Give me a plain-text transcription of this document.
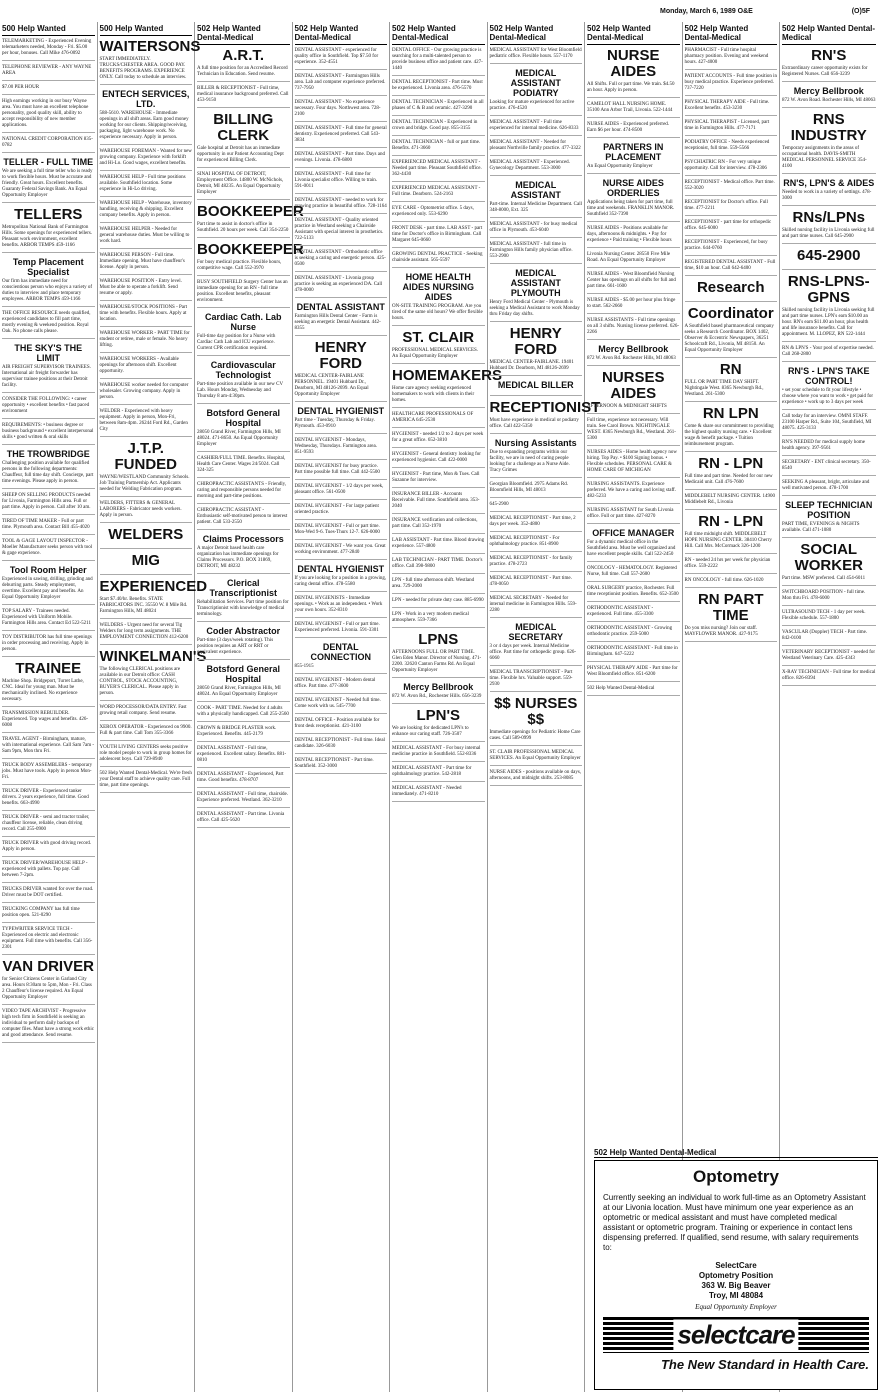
Monday, March 6, 1989 O&E	(O)5F
500 Help Wanted
TELEMARKETING - Experienced Evening telemarketers needed, Monday - Fri. $5.00 per hour, bonuses. Call Mike 476-0092
TELEPHONE REVIEWER - ANY WAYNE AREA
$7.00 PER HOUR
High earnings working in our busy Wayne area. You must have an excellent telephone personality, good quality skill, ability to accept responsibility of new member applications.
NATIONAL CREDIT CORPORATION 835-0782
TELLER - FULL TIME
We are seeking a full time teller who is ready to work flexible hours. Must be accurate and friendly. Great hours. Excellent benefits. Guaranty Federal Savings Bank. An Equal Opportunity Employer
TELLERS
Metropolitan National Bank of Farmington Hills. Some openings for experienced tellers. Pleasant work environment, excellent benefits. ARBOR TEMPS 459-1166
Temp Placement Specialist
Our firm has immediate need for conscientious person who enjoys a variety of duties to interview and place temporary employees. ARBOR TEMPS 459-1166
THE OFFICE RESOURCE needs qualified, experienced candidates to fill part time, mostly evening & weekend position. Royal Oak. No phone calls please.
THE SKY'S THE LIMIT
AIR FREIGHT SUPERVISOR TRAINEES. International air freight forwarder has supervisor trainee positions at their Detroit facility.
CONSIDER THE FOLLOWING: • career opportunity • excellent benefits • fast paced environment
REQUIREMENTS: • business degree or business background • excellent interpersonal skills • good written & oral skills
THE TROWBRIDGE
Challenging position available for qualified persons in the following departments: Chauffeur, full time day shift. Concierge, part time evenings. Please apply in person.
SHEEP ON SELLING PRODUCTS needed for Livonia, Farmington Hills area. Full or part time. Apply in person. Call after 10 am.
TIRED OF TIME MAKER - Full or part time. Plymouth area. Contact Bill 455-4020
TOOL & GAGE LAYOUT INSPECTOR - Moeller Manufacturer seeks person with tool & gage experience.
Tool Room Helper
Experienced in sawing, drilling, grinding and deburring parts. Steady employment, overtime. Excellent pay and benefits. An Equal Opportunity Employer
TOP SALARY - Trainees needed. Experienced with Uniform Mobile. Farmington Hills area. Contact Ed 522-5211
TOY DISTRIBUTOR has full time openings in order processing and receiving. Apply in person.
TRAINEE
Machine Shop. Bridgeport, Turret Lathe, CNC. Ideal for young man. Must be mechanically inclined. No experience necessary.
TRANSMISSION REBUILDER. Experienced. Top wages and benefits. 426-6008
TRAVEL AGENT - Birmingham, mature, with international experience. Call Sam 7am - Sam 9pm, Mon thru Fri.
TRUCK BODY ASSEMBLERS - temporary jobs. Must have tools. Apply in person Mon-Fri.
TRUCK DRIVER - Experienced tanker drivers. 2 years experience, full time. Good benefits. 663-4990
TRUCK DRIVER - semi and tractor trailer, chauffeur license, reliable, clean driving record. Call 255-0900
TRUCK DRIVER with good driving record. Apply in person.
TRUCK DRIVER/WAREHOUSE HELP - experienced with pallets. Top pay. Call between 7-2pm.
TRUCKS DRIVER wanted for over the road. Driver must be DOT certified.
TRUCKING COMPANY has full time position open. 521-0290
TYPEWRITER SERVICE TECH - Experienced on electric and electronic equipment. Full time with benefits. Call 356-2301
VAN DRIVER
for Senior Citizens Center in Garland City area. Hours 8:30am to 5pm, Mon - Fri. Class 2 Chauffeur's license required. An Equal Opportunity Employer
VIDEO TAPE ARCHIVIST - Progressive high tech firm in Southfield is seeking an individual to perform daily backups of computer files. Must have a strong work ethic and good attendance. Send resume.
500 Help Wanted
WAITERSONS
START IMMEDIATELY. TRUCKS/CHESTER AREA. GOOD PAY. BENEFITS PROGRAMS. EXPERIENCE ONLY. Call today to schedule an interview.
ENTECH SERVICES, LTD.
588-5610. WAREHOUSE - Immediate openings in all shift areas. Earn good money working for our clients. Shipping/receiving, packaging, light warehouse work. No experience necessary. Apply in person.
WAREHOUSE FOREMAN - Wanted for new growing company. Experience with forklift and Hi-Lo. Good wages, excellent benefits.
WAREHOUSE HELP - Full time positions available. Southfield location. Some experience in Hi-Lo driving.
WAREHOUSE HELP - Warehouse, inventory handling, receiving & shipping. Excellent company benefits. Apply in person.
WAREHOUSE HELPER - Needed for general warehouse duties. Must be willing to work hard.
WAREHOUSE PERSON - Full time. Immediate opening. Must have chauffeur's license. Apply in person.
WAREHOUSE POSITION - Entry level. Must be able to operate a forklift. Send resume or apply.
WAREHOUSE/STOCK POSITIONS - Part time with benefits. Flexible hours. Apply at location.
WAREHOUSE WORKER - PART TIME for student or retiree, male or female. No heavy lifting.
WAREHOUSE WORKERS - Available openings for afternoon shift. Excellent opportunity.
WAREHOUSE worker needed for computer wholesaler. Growing company. Apply in person.
WELDER - Experienced with heavy equipment. Apply in person, Mon-Fri, between 8am-4pm. 26244 Ford Rd., Garden City
J.T.P. FUNDED
WAYNE/WESTLAND Community Schools. Job Training Partnership Act. Applicants needed for Welding Fabrication program.
WELDERS, FITTERS & GENERAL LABORERS - Fabricator needs workers. Apply in person.
WELDERS
MIG
EXPERIENCED
Start $7.40/hr. Benefits. STATE FABRICATORS INC. 35550 W. 8 Mile Rd. Farmington Hills, MI 48024
WELDERS - Urgent need for several Tig Welders for long term assignments. THE EMPLOYMENT CONNECTION 412-6200
WINKELMAN'S
The following CLERICAL positions are available in our Detroit office: CASH CONTROL, STOCK ACCOUNTING, BUYER'S CLERICAL. Please apply in person.
WORD PROCESSOR/DATA ENTRY. Fast growing retail company. Send resume.
XEROX OPERATOR - Experienced on 9900. Full & part time. Call Tom 355-3366
YOUTH LIVING CENTERS seeks positive role model people to work in group homes for adolescent boys. Call 729-8940
502 Help Wanted Dental-Medical. We're fresh your Dental staff to achieve quality care. Full time, part time openings.
502 Help Wanted Dental-Medical
A.R.T.
A full time position for an Accredited Record Technician in Education. Send resume.
BILLER & RECEPTIONIST - Full time, medical insurance background preferred. Call 453-9150
BILLING CLERK
Gale hospital at Detroit has an immediate opportunity in our Patient Accounting Dept for experienced Billing Clerk.
SINAI HOSPITAL OF DETROIT, Employment Office. 14800 W. McNichols, Detroit, MI 48235. An Equal Opportunity Employer
BOOKKEEPER
Part time to assist in doctor's office in Southfield. 20 hours per week. Call 354-2250
BOOKKEEPER
For busy medical practice. Flexible hours, competitive wage. Call 552-3970
BUSY SOUTHFIELD Surgery Center has an immediate opening for an RN - full time position. Excellent benefits, pleasant environment.
Cardiac Cath. Lab Nurse
Full-time day position for a Nurse with Cardiac Cath Lab and ICU experience. Current CPR certification required.
Cardiovascular Technologist
Part-time position available in our new CV Lab. Hours Monday, Wednesday and Thursday 8 am-4:30pm.
Botsford General Hospital
28050 Grand River, Farmington Hills, MI 48024. 471-8650. An Equal Opportunity Employer
CASHIER/FULL TIME. Benefits. Hospital, Health Care Center. Wages 24/5024. Call 324-325
CHIROPRACTIC ASSISTANTS - Friendly, caring and responsible persons needed for morning and part-time positions.
CHIROPRACTIC ASSISTANT - Enthusiastic self-motivated person to interest patient. Call 533-2550
Claims Processors
A major Detroit based health care organization has immediate openings for Claims Processors. P.O. BOX 31869, DETROIT, MI 48232
Clerical Transcriptionist
Rehabilitation Services. Part time position for Transcriptionist with knowledge of medical terminology.
Coder Abstractor
Part-time (3 days/week rotating). This position requires an ART or RRT or equivalent experience.
Botsford General Hospital
28050 Grand River, Farmington Hills, MI 48024. An Equal Opportunity Employer
COOK - PART TIME. Needed for 4 adults with a physically handicapped. Call 255-2560
CROWN & BRIDGE PLASTER work. Experienced. Benefits. 445-2179
DENTAL ASSISTANT - Full time, experienced. Excellent salary. Benefits. 881-0810
DENTAL ASSISTANT - Experienced, Part time. Good benefits. 478-8707
DENTAL ASSISTANT - Full time, chairside. Experience preferred. Westland. 362-3210
DENTAL ASSISTANT - Part time. Livonia office. Call 425-5620
502 Help Wanted Dental-Medical
DENTAL ASSISTANT - experienced for quality office in Southfield. Top $7.50 for experience. 352-4551
DENTAL ASSISTANT - Farmington Hills area. Lab and computer experience preferred. 737-7950
DENTAL ASSISTANT - No experience necessary. Four days. Northwest area. 728-2100
DENTAL ASSISTANT - Full time for general dentistry. Experienced preferred. Call 543-3834
DENTAL ASSISTANT - Part time. Days and evenings. Livonia. 478-6800
DENTAL ASSISTANT - Full time for Livonia specialist office. Willing to train. 591-0011
DENTAL ASSISTANT - needed to work for growing practice in beautiful office. 728-1164
DENTAL ASSISTANT - Quality oriented practice in Westland seeking a Chairside Assistant with special interest in prosthetics. 722-5133
DENTAL ASSISTANT - Orthodontic office is seeking a caring and energetic person. 425-0500
DENTAL ASSISTANT - Livonia group practice is seeking an experienced DA. Call 478-0000
DENTAL ASSISTANT
Farmington Hills Dental Center - Farm is seeking an energetic Dental Assistant. 442-8355
HENRY FORD
MEDICAL CENTER-FAIRLANE PERSONNEL. 19401 Hubbard Dr., Dearborn, MI 48126-2699. An Equal Opportunity Employer
DENTAL HYGIENIST
Part time - Tuesday, Thursday & Friday. Plymouth. 453-0910
DENTAL HYGIENIST - Mondays, Wednesday, Thursdays. Farmington area. 851-9593
DENTAL HYGIENIST for busy practice. Part time possible full time. Call 442-5500
DENTAL HYGIENIST - 1/2 days per week, pleasant office. 561-0500
DENTAL HYGIENIST - For large patient oriented practice.
DENTAL HYGIENIST - Full or part time. Mon-Wed 9-6. Tues-Thurs 12-7. 626-0000
DENTAL HYGIENIST - We want you. Great working environment. 477-2840
DENTAL HYGIENIST
If you are looking for a position in a growing, caring dental office. 478-5580
DENTAL HYGIENISTS - Immediate openings. • Work as an independent. • Work your own hours. 352-8310
DENTAL HYGIENIST - Full or part time. Experienced preferred. Livonia. 591-3301
DENTAL CONNECTION
855-1915
DENTAL HYGIENIST - Modern dental office. Part time. 477-3600
DENTAL HYGIENIST - Needed full time. Come work with us. 545-7700
DENTAL OFFICE - Position available for front desk receptionist. 421-3100
DENTAL RECEPTIONIST - Full time. Ideal candidate. 326-6030
DENTAL RECEPTIONIST - Part time. Southfield. 352-3000
502 Help Wanted Dental-Medical
DENTAL OFFICE - Our growing practice is searching for a multi-talented person to provide business office and patient care. 427-1440
DENTAL RECEPTIONIST - Part time. Must be experienced. Livonia area. 476-5570
DENTAL TECHNICIAN - Experienced in all phases of C & B and ceramic. 427-3290
DENTAL TECHNICIAN - Experienced in crown and bridge. Good pay. 855-3155
DENTAL TECHNICIAN - full or part time. Benefits. 471-3660
EXPERIENCED MEDICAL ASSISTANT - Needed part time. Pleasant Southfield office. 362-4430
EXPERIENCED MEDICAL ASSISTANT - Full time. Dearborn. 524-2163
EYE CARE - Optometrist office. 5 days, experienced only. 553-6290
FRONT DESK - part time. LAB ASST - part time for Doctor's office in Birmingham. Call Margaret 645-0660
GROWING DENTAL PRACTICE - Seeking chairside assistant. 565-5597
HOME HEALTH AIDES NURSING AIDES
ON-SITE TRAINING PROGRAM. Are you tired of the same old hours? We offer flexible hours.
ST. CLAIR
PROFESSIONAL MEDICAL SERVICES. An Equal Opportunity Employer
HOMEMAKERS
Home care agency seeking experienced homemakers to work with clients in their homes.
HEALTHCARE PROFESSIONALS OF AMERICA 645-2530
HYGIENIST - needed 1/2 to 2 days per week for a great office. 652-3810
HYGIENIST - General dentistry looking for experienced hygienist. Call 422-0000
HYGIENIST - Part time, Mon & Tues. Call Suzanne for interview.
INSURANCE BILLER - Accounts Receivable. Full time. Southfield area. 353-2040
INSURANCE verification and collections, part time. Call 352-1970
LAB ASSISTANT - Part time. Blood drawing experience. 557-4800
LAB TECHNICIAN - PART TIME. Doctor's office. Call 398-9800
LPN - full time afternoon shift. Westland area. 729-2000
LPN - needed for private duty case. 885-6990
LPN - Work in a very modern medical atmosphere. 559-7366
LPNS
AFTERNOONS FULL OR PART TIME. Glen Eden Manor. Director of Nursing. 471-2200. 32620 Canton Farms Rd. An Equal Opportunity Employer
Mercy Bellbrook
872 W. Avon Rd., Rochester Hills. 656-3239
LPN'S
We are looking for dedicated LPN's to enhance our caring staff. 726-3507
MEDICAL ASSISTANT - For busy internal medicine practice in Southfield. 552-8336
MEDICAL ASSISTANT - Part time for ophthalmology practice. 542-2818
MEDICAL ASSISTANT - Needed immediately. 471-8210
502 Help Wanted Dental-Medical
MEDICAL ASSISTANT for West Bloomfield pediatric office. Flexible hours. 557-1170
MEDICAL ASSISTANT PODIATRY
Looking for mature experienced for active practice. 476-4520
MEDICAL ASSISTANT - Full time experienced for internal medicine. 626-8333
MEDICAL ASSISTANT - Needed for pleasant Northville family practice. 477-3322
MEDICAL ASSISTANT - Experienced. Gynecology Department. 553-3000
MEDICAL ASSISTANT
Part-time. Internal Medicine Department. Call 348-8000, Ext. 325
MEDICAL ASSISTANT - for busy medical office in Plymouth. 453-6040
MEDICAL ASSISTANT - full time in Farmington Hills family physician office. 553-2900
MEDICAL ASSISTANT PLYMOUTH
Henry Ford Medical Center - Plymouth is seeking a Medical Assistant to work Monday thru Friday day shifts.
HENRY FORD
MEDICAL CENTER-FAIRLANE. 19401 Hubbard Dr. Dearborn, MI 48126-2699
MEDICAL BILLER
RECEPTIONIST
Must have experience in medical or podiatry office. Call 422-5350
Nursing Assistants
Due to expanding programs within our facility, we are in need of caring people looking for a challenge as a Nurse Aide. Tracy Grimes
Georgian Bloomfield. 2975 Adams Rd. Bloomfield Hills, MI 48013
645-2900
MEDICAL RECEPTIONIST - Part time, 2 days per week. 352-4800
MEDICAL RECEPTIONIST - For ophthalmology practice. 851-8900
MEDICAL RECEPTIONIST - for family practice. 478-2723
MEDICAL RECEPTIONIST - Part time. 478-0050
MEDICAL SECRETARY - Needed for internal medicine in Farmington Hills. 559-2280
MEDICAL SECRETARY
3 or 4 days per week. Internal Medicine office. Part time for orthopedic group. 626-6060
MEDICAL TRANSCRIPTIONIST - Part time. Flexible hrs. Valuable support. 559-2930
$$ NURSES $$
Immediate openings for Pediatric Home Care cases. Call 589-0999
ST. CLAIR PROFESSIONAL MEDICAL SERVICES. An Equal Opportunity Employer
NURSE AIDES - positions available on days, afternoons, and midnight shifts. 253-8085
502 Help Wanted Dental-Medical
NURSE AIDES
All Shifts. Full or part time. We train. $4.50 an hour. Apply in person.
CAMELOT HALL NURSING HOME. 35100 Ann Arbor Trail, Livonia. 522-1444
NURSE AIDES - Experienced preferred. Earn $6 per hour. 474-8500
PARTNERS IN PLACEMENT
An Equal Opportunity Employer
NURSE AIDES ORDERLIES
Applications being taken for part time, full time and weekends. FRANKLIN MANOR. Southfield 352-7390
NURSE AIDES - Positions available for days, afternoons & midnights. • Pay for experience • Paid training • Flexible hours
Livonia Nursing Center. 28550 Five Mile Road. An Equal Opportunity Employer
NURSE AIDES - West Bloomfield Nursing Center has openings on all shifts for full and part time. 661-1600
NURSE AIDES - $5.00 per hour plus fringe to start. 562-2660
NURSE ASSISTANTS - Full time openings on all 3 shifts. Nursing license preferred. 626-2266
Mercy Bellbrook
872 W. Avon Rd. Rochester Hills, MI 48063
NURSES AIDES
AFTERNOON & MIDNIGHT SHIFTS
Full time, experience not necessary. Will train. See Carol Brown. NIGHTINGALE WEST. 8365 Newburgh Rd., Westland. 261-5300
NURSES AIDES - Home health agency now hiring. Top Pay. • $100 Signing bonus. • Flexible schedules. PERSONAL CARE & HOME CARE OF MICHIGAN
NURSING ASSISTANTS. Experience preferred. We have a caring and loving staff. 482-5233
NURSING ASSISTANT for South Livonia office. Full or part time. 427-8270
OFFICE MANAGER
For a dynamic medical office in the Southfield area. Must be well organized and have excellent people skills. Call 522-2450
ONCOLOGY - HEMATOLOGY. Registered Nurse, full time. Call 557-2600
ORAL SURGERY practice, Rochester. Full time receptionist position. Benefits. 652-3500
ORTHODONTIC ASSISTANT - experienced. Full time. 455-3300
ORTHODONTIC ASSISTANT - Growing orthodontic practice. 259-5000
ORTHODONTIC ASSISTANT - Full time in Birmingham. 647-5222
PHYSICAL THERAPY AIDE - Part time for West Bloomfield office. 851-6200
502 Help Wanted Dental-Medical
502 Help Wanted Dental-Medical
PHARMACIST - Full time hospital pharmacy position. Evening and weekend hours. 427-4000
PATIENT ACCOUNTS - Full time position in busy medical practice. Experience preferred. 737-7220
PHYSICAL THERAPY AIDE - Full time. Excellent benefits. 453-3230
PHYSICAL THERAPIST - Licensed, part time in Farmington Hills. 477-7171
PODIATRY OFFICE - Needs experienced receptionist, full time. 559-5566
PSYCHIATRIC RN - For very unique opportunity. Call for interview. 478-2306
RECEPTIONIST - Medical office. Part time. 552-3020
RECEPTIONIST for Doctor's office. Full time. 477-2211
RECEPTIONIST - part time for orthopedic office. 645-6000
RECEPTIONIST - Experienced, for busy practice. 644-0760
REGISTERED DENTAL ASSISTANT - Full time, $10 an hour. Call 642-6400
Research
Coordinator
A Southfield based pharmaceutical company seeks a Research Coordinator. BOX 1402, Observer & Eccentric Newspapers, 36251 Schoolcraft Rd., Livonia, MI 48150. An Equal Opportunity Employer
RN
FULL OR PART TIME DAY SHIFT. Nightingale West. 8365 Newburgh Rd., Westland. 261-5300
RN LPN
Come & share our commitment to providing the highest quality nursing care. • Excellent wage & benefit package. • Tuition reimbursement program.
RN - LPN
Full time and part time. Needed for our new Medicaid unit. Call 476-7600
MIDDLEBELT NURSING CENTER. 14900 Middlebelt Rd., Livonia
RN - LPN
Full time midnight shift. MIDDLEBELT HOPE NURSING CENTER. 38410 Cherry Hill. Call Mrs. McCormack 326-1200
RN - needed 24 hrs per week for physician office. 559-2222
RN ONCOLOGY - full time. 626-1020
RN PART TIME
Do you miss nursing? Join our staff. MAYFLOWER MANOR. 427-9175
502 Help Wanted Dental-Medical
RN'S
Extraordinary career opportunity exists for Registered Nurses. Call 656-3239
Mercy Bellbrook
872 W. Avon Road. Rochester Hills, MI 48063
RNS INDUSTRY
Temporary assignments in the areas of occupational health. DAVIS-SMITH MEDICAL PERSONNEL SERVICE 354-4100
RN'S, LPN'S & AIDES
Needed to work in a variety of settings. 478-3000
RNs/LPNs
Skilled nursing facility in Livonia seeking full and part time nurses. Call 645-2900
645-2900
RNS-LPNS-GPNS
Skilled nursing facility in Livonia seeking full and part time nurses. LPN's earn $10.00 an hour. RN's earn $11.00 an hour, plus health and life insurance benefits. Call for appointment. M. LLOPEZ, RN 522-1444
RN & LPN'S - Your pool of expertise needed. Call 268-2800
RN'S - LPN'S TAKE CONTROL!
• set your schedule to fit your lifestyle • choose where you want to work • get paid for experience • work up to 3 days per week
Call today for an interview. OMNI STAFF. 23100 Harper Rd., Suite 104, Southfield, MI 48075. 425-3133
RN'S NEEDED for medical supply home health agency. 397-9561
SECRETARY - ENT clinical secretary. 350-8540
SEEKING A pleasant, bright, articulate and well motivated person. 478-1700
SLEEP TECHNICIAN POSITION
PART TIME, EVENINGS & NIGHTS available. Call 471-1080
SOCIAL WORKER
Part time. MSW preferred. Call 454-6011
SWITCHBOARD POSITION - full time. Mon thru Fri. 478-6000
ULTRASOUND TECH - 1 day per week. Flexible schedule. 557-1800
VASCULAR (Doppler) TECH - Part time. 842-0100
VETERINARY RECEPTIONIST - needed for Westland Veterinary Care. 425-4343
X-RAY TECHNICIAN - Full time for medical office. 826-8394
502 Help Wanted Dental-Medical
Optometry
Currently seeking an individual to work full-time as an Optometry Assistant at our Livonia location. Must have minimum one year experience as an optometric or medical assistant and must have completed medical assistant or optometric program. Training or experience in contact lens dispensing preferred. If qualified, send resume, with salary requirements to:
SelectCare
Optometry Position
363 W. Big Beaver
Troy, MI 48084
Equal Opportunity Employer
selectcare
The New Standard in Health Care.
